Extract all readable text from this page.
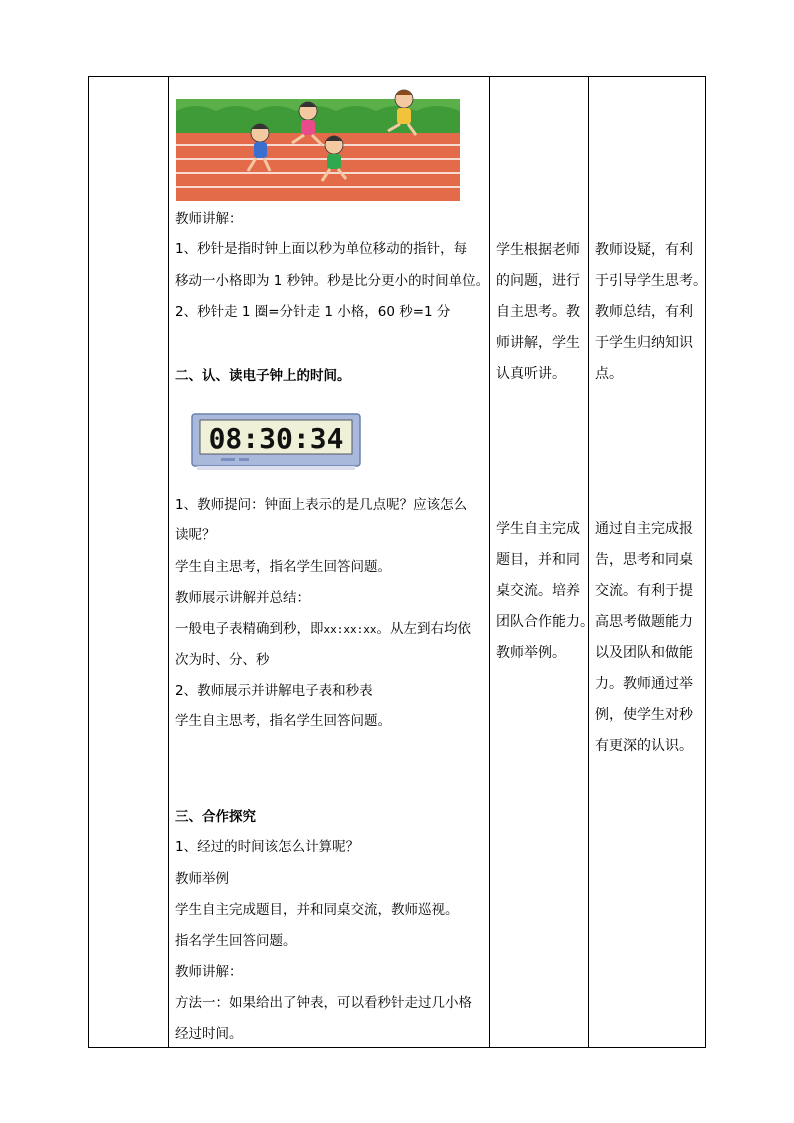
教师讲解：
1、秒针是指时钟上面以秒为单位移动的指针，每
移动一小格即为 1 秒钟。秒是比分更小的时间单位。
2、秒针走 1 圈=分针走 1 小格，60 秒=1 分
二、认、读电子钟上的时间。
08:30:34
1、教师提问：钟面上表示的是几点呢？应该怎么
读呢？
学生自主思考，指名学生回答问题。
教师展示讲解并总结：
一般电子表精确到秒，即xx:xx:xx。从左到右均依
次为时、分、秒
2、教师展示并讲解电子表和秒表
学生自主思考，指名学生回答问题。
三、合作探究
1、经过的时间该怎么计算呢？
教师举例
学生自主完成题目，并和同桌交流，教师巡视。
指名学生回答问题。
教师讲解：
方法一：如果给出了钟表，可以看秒针走过几小格
经过时间。
学生根据老师
的问题，进行
自主思考。教
师讲解，学生
认真听讲。
学生自主完成
题目，并和同
桌交流。培养
团队合作能力。
教师举例。
教师设疑，有利
于引导学生思考。
教师总结，有利
于学生归纳知识
点。
通过自主完成报
告，思考和同桌
交流。有利于提
高思考做题能力
以及团队和做能
力。教师通过举
例，使学生对秒
有更深的认识。
